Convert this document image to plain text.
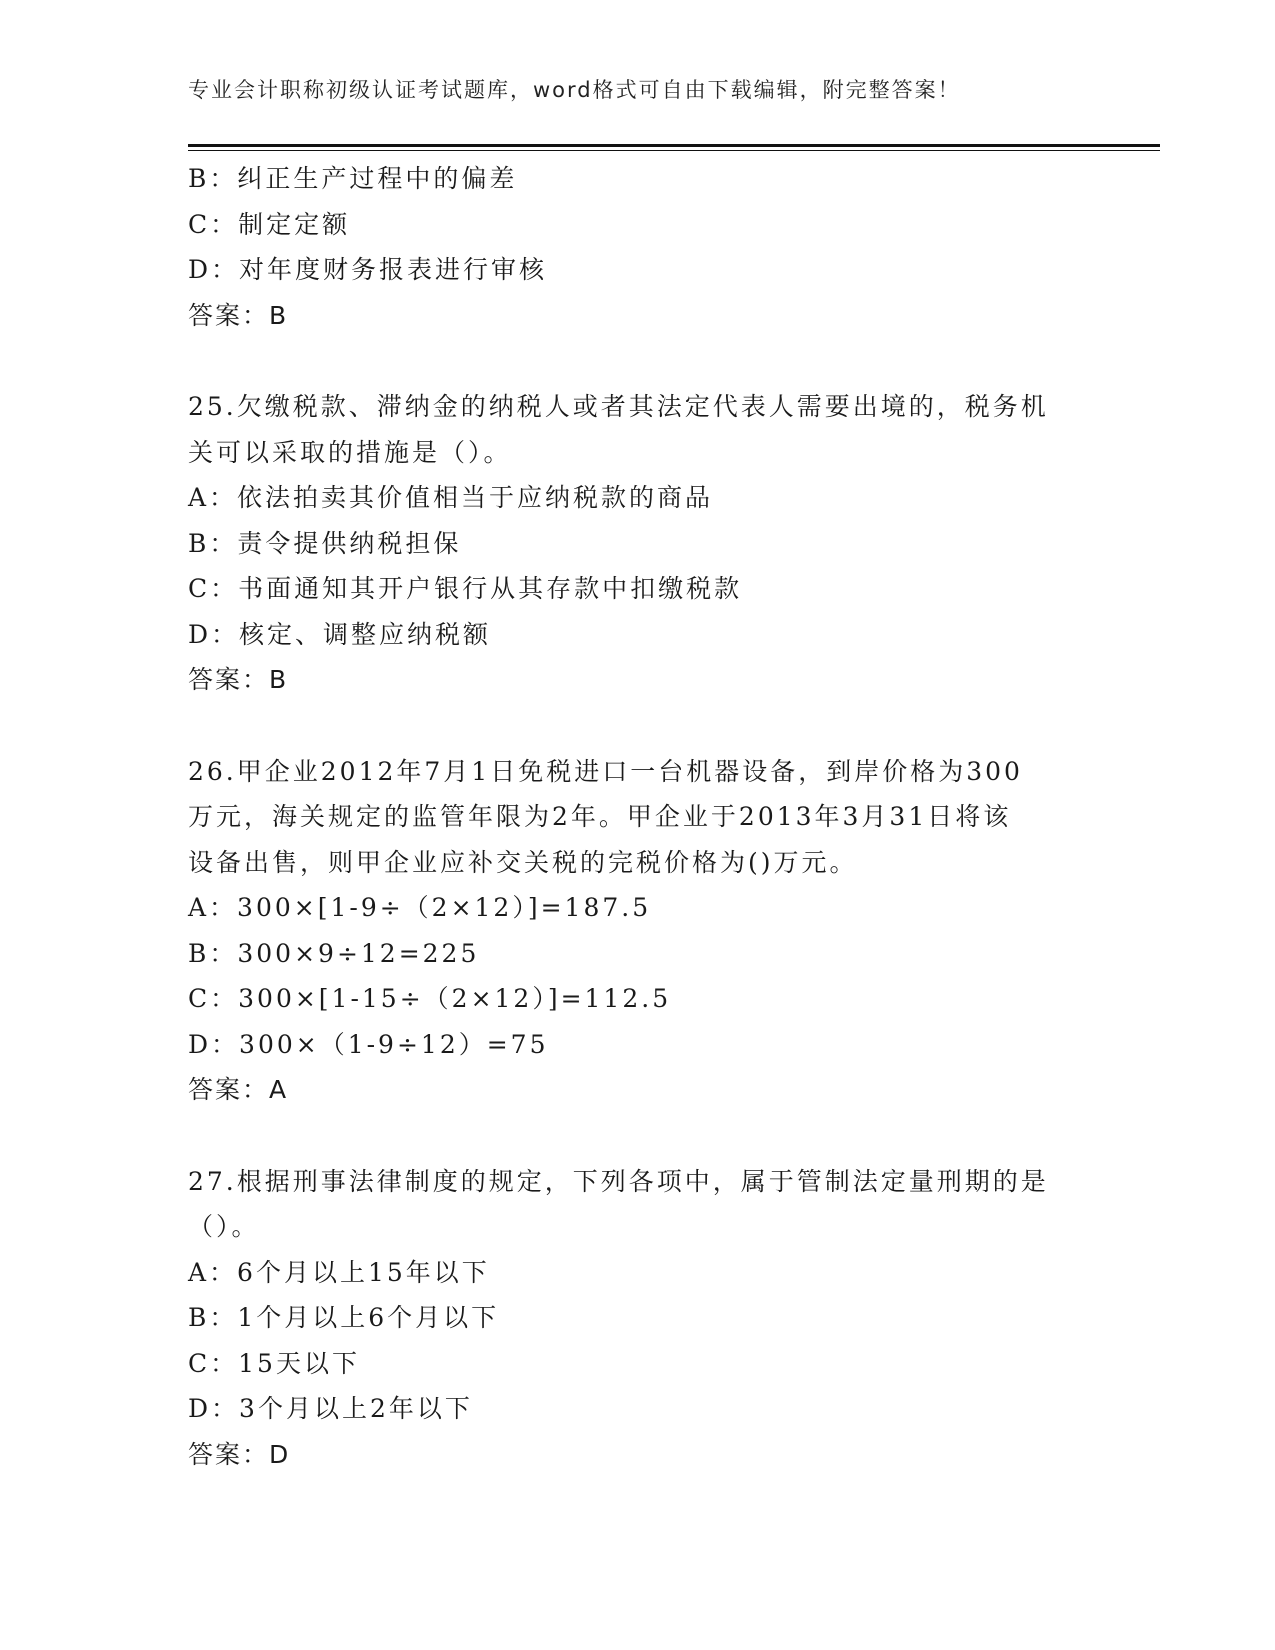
专业会计职称初级认证考试题库，word格式可自由下载编辑，附完整答案！
B：纠正生产过程中的偏差
C：制定定额
D：对年度财务报表进行审核
答案：B
25.欠缴税款、滞纳金的纳税人或者其法定代表人需要出境的，税务机
关可以采取的措施是（）。
A：依法拍卖其价值相当于应纳税款的商品
B：责令提供纳税担保
C：书面通知其开户银行从其存款中扣缴税款
D：核定、调整应纳税额
答案：B
26.甲企业2012年7月1日免税进口一台机器设备，到岸价格为300
万元，海关规定的监管年限为2年。甲企业于2013年3月31日将该
设备出售，则甲企业应补交关税的完税价格为()万元。
A：300×[1-9÷（2×12）]=187.5
B：300×9÷12=225
C：300×[1-15÷（2×12）]=112.5
D：300×（1-9÷12）=75
答案：A
27.根据刑事法律制度的规定，下列各项中，属于管制法定量刑期的是
（）。
A：6个月以上15年以下
B：1个月以上6个月以下
C：15天以下
D：3个月以上2年以下
答案：D
